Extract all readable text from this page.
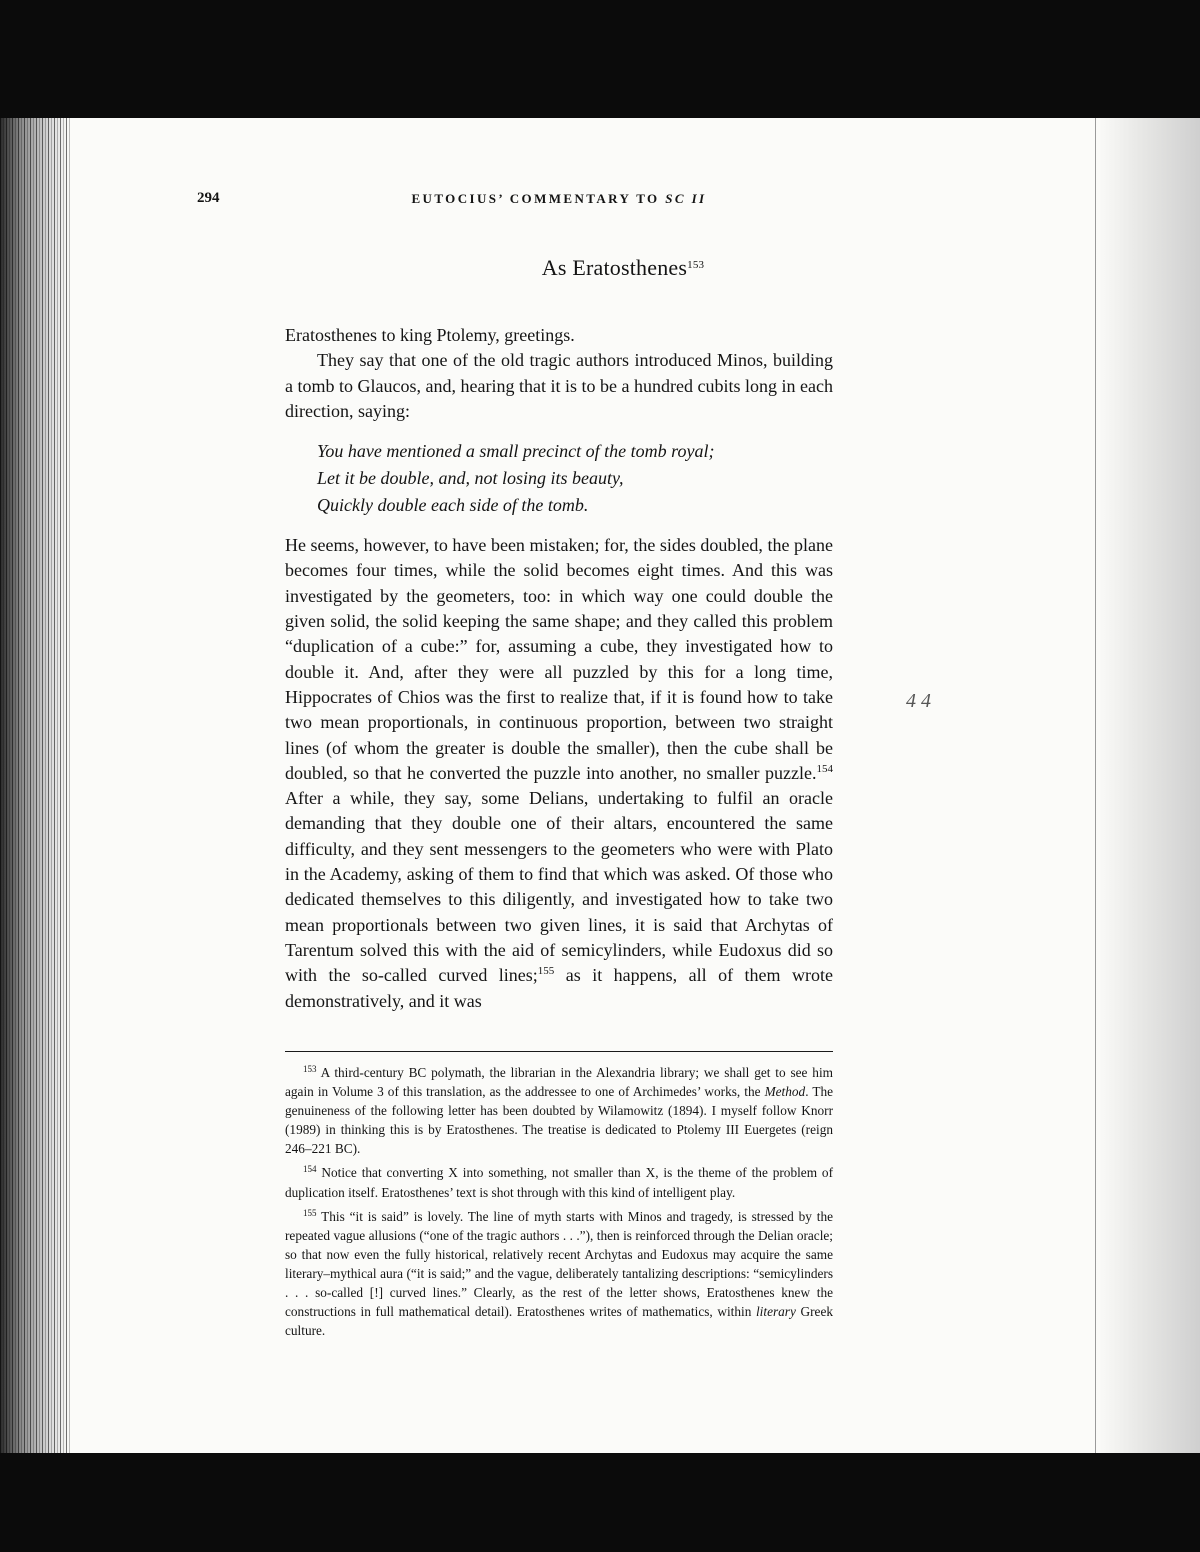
294	EUTOCIUS’ COMMENTARY TO SC II
As Eratosthenes$^{153}$

Eratosthenes to king Ptolemy, greetings.

They say that one of the old tragic authors introduced Minos, building a tomb to Glaucos, and, hearing that it is to be a hundred cubits long in each direction, saying:

You have mentioned a small precinct of the tomb royal;
Let it be double, and, not losing its beauty,
Quickly double each side of the tomb.

He seems, however, to have been mistaken; for, the sides doubled, the plane becomes four times, while the solid becomes eight times. And this was investigated by the geometers, too: in which way one could double the given solid, the solid keeping the same shape; and they called this problem “duplication of a cube:” for, assuming a cube, they investigated how to double it. And, after they were all puzzled by this for a long time, Hippocrates of Chios was the first to realize that, if it is found how to take two mean proportionals, in continuous proportion, between two straight lines (of whom the greater is double the smaller), then the cube shall be doubled, so that he converted the puzzle into another, no smaller puzzle.$^{154}$ After a while, they say, some Delians, undertaking to fulfil an oracle demanding that they double one of their altars, encountered the same difficulty, and they sent messengers to the geometers who were with Plato in the Academy, asking of them to find that which was asked. Of those who dedicated themselves to this diligently, and investigated how to take two mean proportionals between two given lines, it is said that Archytas of Tarentum solved this with the aid of semicylinders, while Eudoxus did so with the so-called curved lines;$^{155}$ as it happens, all of them wrote demonstratively, and it was

4 4

$^{153}$ A third-century BC polymath, the librarian in the Alexandria library; we shall get to see him again in Volume 3 of this translation, as the addressee to one of Archimedes’ works, the Method. The genuineness of the following letter has been doubted by Wilamowitz (1894). I myself follow Knorr (1989) in thinking this is by Eratosthenes. The treatise is dedicated to Ptolemy III Euergetes (reign 246–221 BC).

$^{154}$ Notice that converting X into something, not smaller than X, is the theme of the problem of duplication itself. Eratosthenes’ text is shot through with this kind of intelligent play.

$^{155}$ This “it is said” is lovely. The line of myth starts with Minos and tragedy, is stressed by the repeated vague allusions (“one of the tragic authors . . .”), then is reinforced through the Delian oracle; so that now even the fully historical, relatively recent Archytas and Eudoxus may acquire the same literary–mythical aura (“it is said;” and the vague, deliberately tantalizing descriptions: “semicylinders . . . so-called [!] curved lines.” Clearly, as the rest of the letter shows, Eratosthenes knew the constructions in full mathematical detail). Eratosthenes writes of mathematics, within literary Greek culture.
